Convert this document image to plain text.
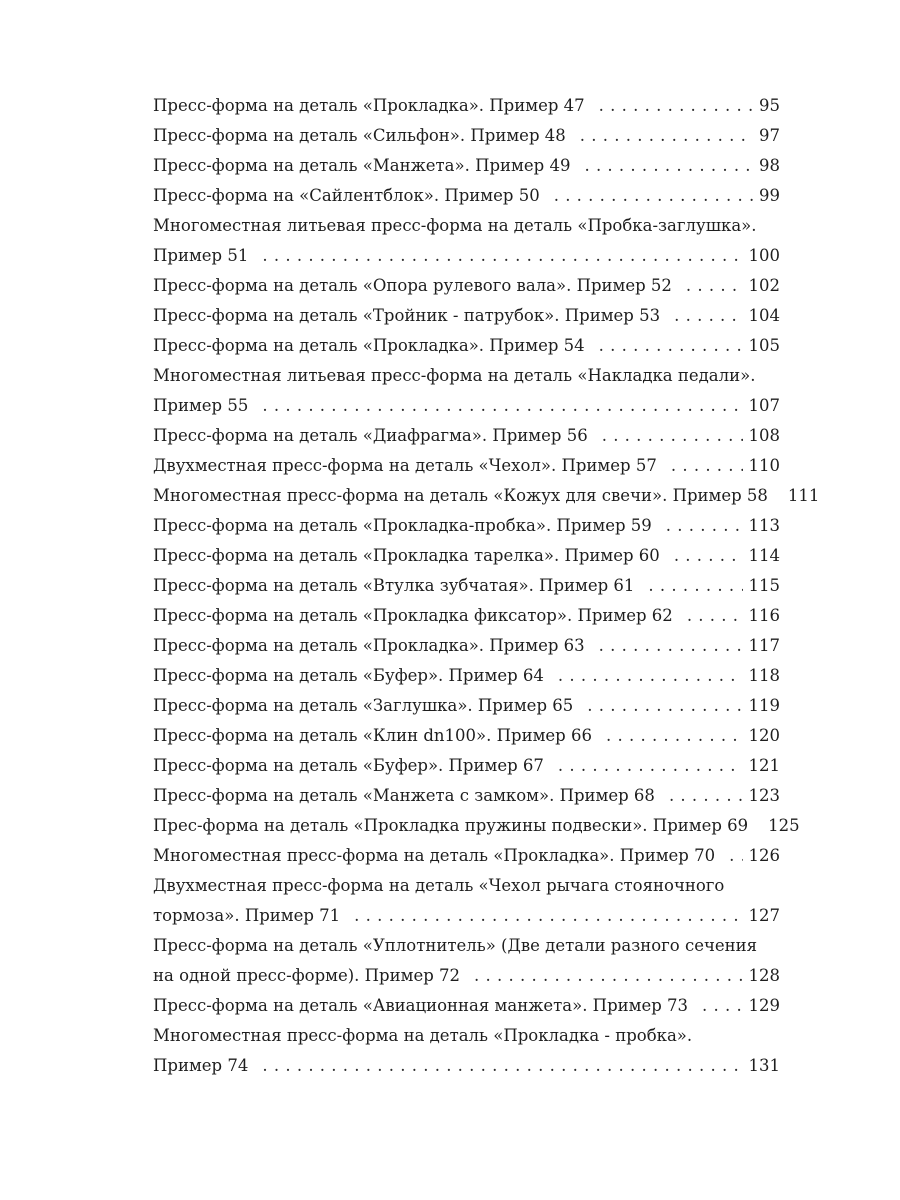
Пресс-форма на деталь «Прокладка». Пример 47 . . .	95
Пресс-форма на деталь «Сильфон». Пример 48 . . .	97
Пресс-форма на деталь «Манжета». Пример 49 . . .	98
Пресс-форма на «Сайлентблок». Пример 50 . . .	99
Многоместная литьевая пресс-форма на деталь «Пробка-заглушка».
Пример 51 . . .	100
Пресс-форма на деталь «Опора рулевого вала». Пример 52 . . .	102
Пресс-форма на деталь «Тройник - патрубок». Пример 53 . . .	104
Пресс-форма на деталь «Прокладка». Пример 54 . . .	105
Многоместная литьевая пресс-форма на деталь «Накладка педали».
Пример 55 . . .	107
Пресс-форма на деталь «Диафрагма». Пример 56 . . .	108
Двухместная пресс-форма на деталь «Чехол». Пример 57 . . .	110
Многоместная пресс-форма на деталь «Кожух для свечи». Пример 58 111
Пресс-форма на деталь «Прокладка-пробка». Пример 59 . . .	113
Пресс-форма на деталь «Прокладка тарелка». Пример 60 . . .	114
Пресс-форма на деталь «Втулка зубчатая». Пример 61 . . .	115
Пресс-форма на деталь «Прокладка фиксатор». Пример 62 . . .	116
Пресс-форма на деталь «Прокладка». Пример 63 . . .	117
Пресс-форма на деталь «Буфер». Пример 64 . . .	118
Пресс-форма на деталь «Заглушка». Пример 65 . . .	119
Пресс-форма на деталь «Клин dn100». Пример 66 . . .	120
Пресс-форма на деталь «Буфер». Пример 67 . . .	121
Пресс-форма на деталь «Манжета с замком». Пример 68 . . .	123
Прес-форма на деталь «Прокладка пружины подвески». Пример 69 125
Многоместная пресс-форма на деталь «Прокладка». Пример 70 . . . 126
Двухместная пресс-форма на деталь «Чехол рычага стояночного
тормоза». Пример 71 . . .	127
Пресс-форма на деталь «Уплотнитель» (Две детали разного сечения
на одной пресс-форме). Пример 72 . . .	128
Пресс-форма на деталь «Авиационная манжета». Пример 73 . . .	129
Многоместная пресс-форма на деталь «Прокладка - пробка».
Пример 74 . . .	131
